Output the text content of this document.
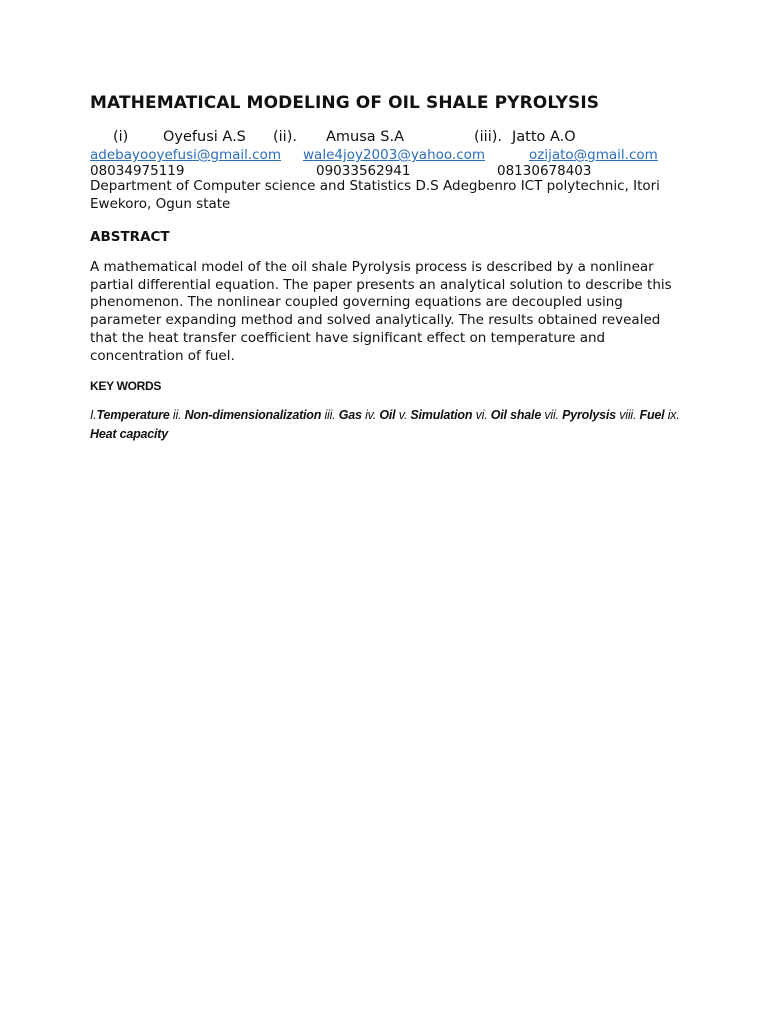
MATHEMATICAL MODELING OF OIL SHALE PYROLYSIS
(i) Oyefusi A.S (ii). Amusa S.A	(iii). Jatto A.O
adebayooyefusi@gmail.com wale4joy2003@yahoo.com	ozijato@gmail.com
08034975119	09033562941	08130678403
Department of Computer science and Statistics D.S Adegbenro ICT polytechnic, Itori Ewekoro, Ogun state
ABSTRACT

A mathematical model of the oil shale Pyrolysis process is described by a nonlinear partial differential equation. The paper presents an analytical solution to describe this phenomenon. The nonlinear coupled governing equations are decoupled using parameter expanding method and solved analytically. The results obtained revealed that the heat transfer coefficient have significant effect on temperature and concentration of fuel.

KEY WORDS

I.Temperature ii. Non-dimensionalization iii. Gas iv. Oil v. Simulation vi. Oil shale vii. Pyrolysis viii. Fuel ix. Heat capacity
